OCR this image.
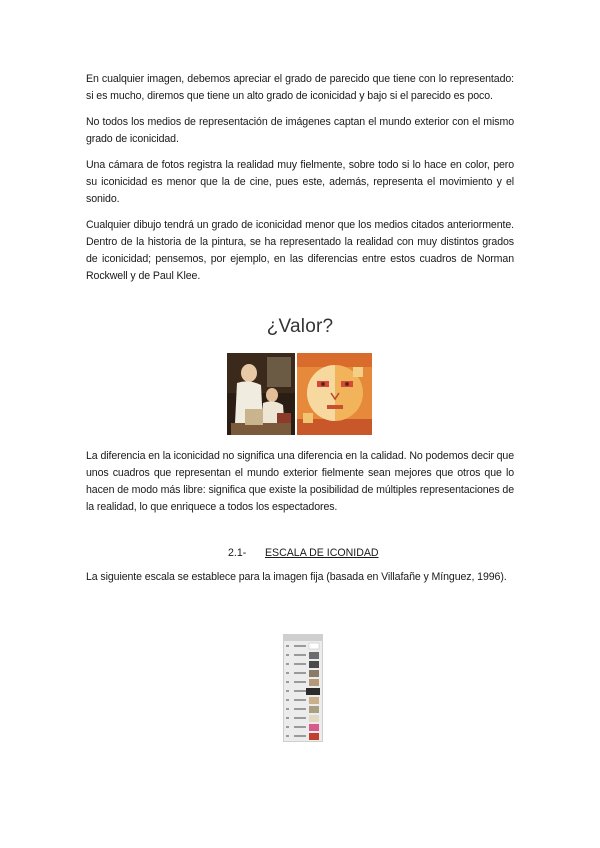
En cualquier imagen, debemos apreciar el grado de parecido que tiene con lo representado: si es mucho, diremos que tiene un alto grado de iconicidad y bajo si el parecido es poco.

No todos los medios de representación de imágenes captan el mundo exterior con el mismo grado de iconicidad.

Una cámara de fotos registra la realidad muy fielmente, sobre todo si lo hace en color, pero su iconicidad es menor que la de cine, pues este, además, representa el movimiento y el sonido.

Cualquier dibujo tendrá un grado de iconicidad menor que los medios citados anteriormente. Dentro de la historia de la pintura, se ha representado la realidad con muy distintos grados de iconicidad; pensemos, por ejemplo, en las diferencias entre estos cuadros de Norman Rockwell y de Paul Klee.

¿Valor?

La diferencia en la iconicidad no significa una diferencia en la calidad. No podemos decir que unos cuadros que representan el mundo exterior fielmente sean mejores que otros que lo hacen de modo más libre: significa que existe la posibilidad de múltiples representaciones de la realidad, lo que enriquece a todos los espectadores.

2.1- ESCALA DE ICONIDAD

La siguiente escala se establece para la imagen fija (basada en Villafañe y Mínguez, 1996).
